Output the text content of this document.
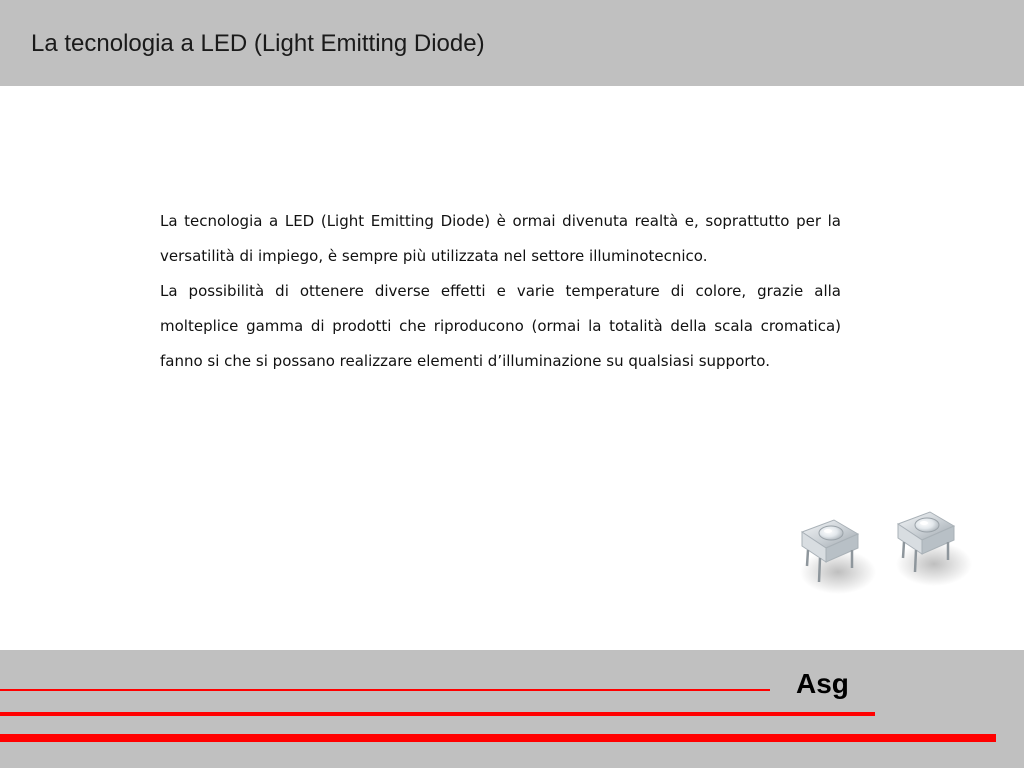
La tecnologia a LED (Light Emitting Diode)

La tecnologia a LED (Light Emitting Diode) è ormai divenuta realtà e, soprattutto per la versatilità di impiego, è sempre più utilizzata nel settore illuminotecnico.

La possibilità di ottenere diverse effetti e varie temperature di colore, grazie alla molteplice gamma di prodotti che riproducono (ormai la totalità della scala cromatica) fanno si che si possano realizzare elementi d’illuminazione su qualsiasi supporto.

Asg
